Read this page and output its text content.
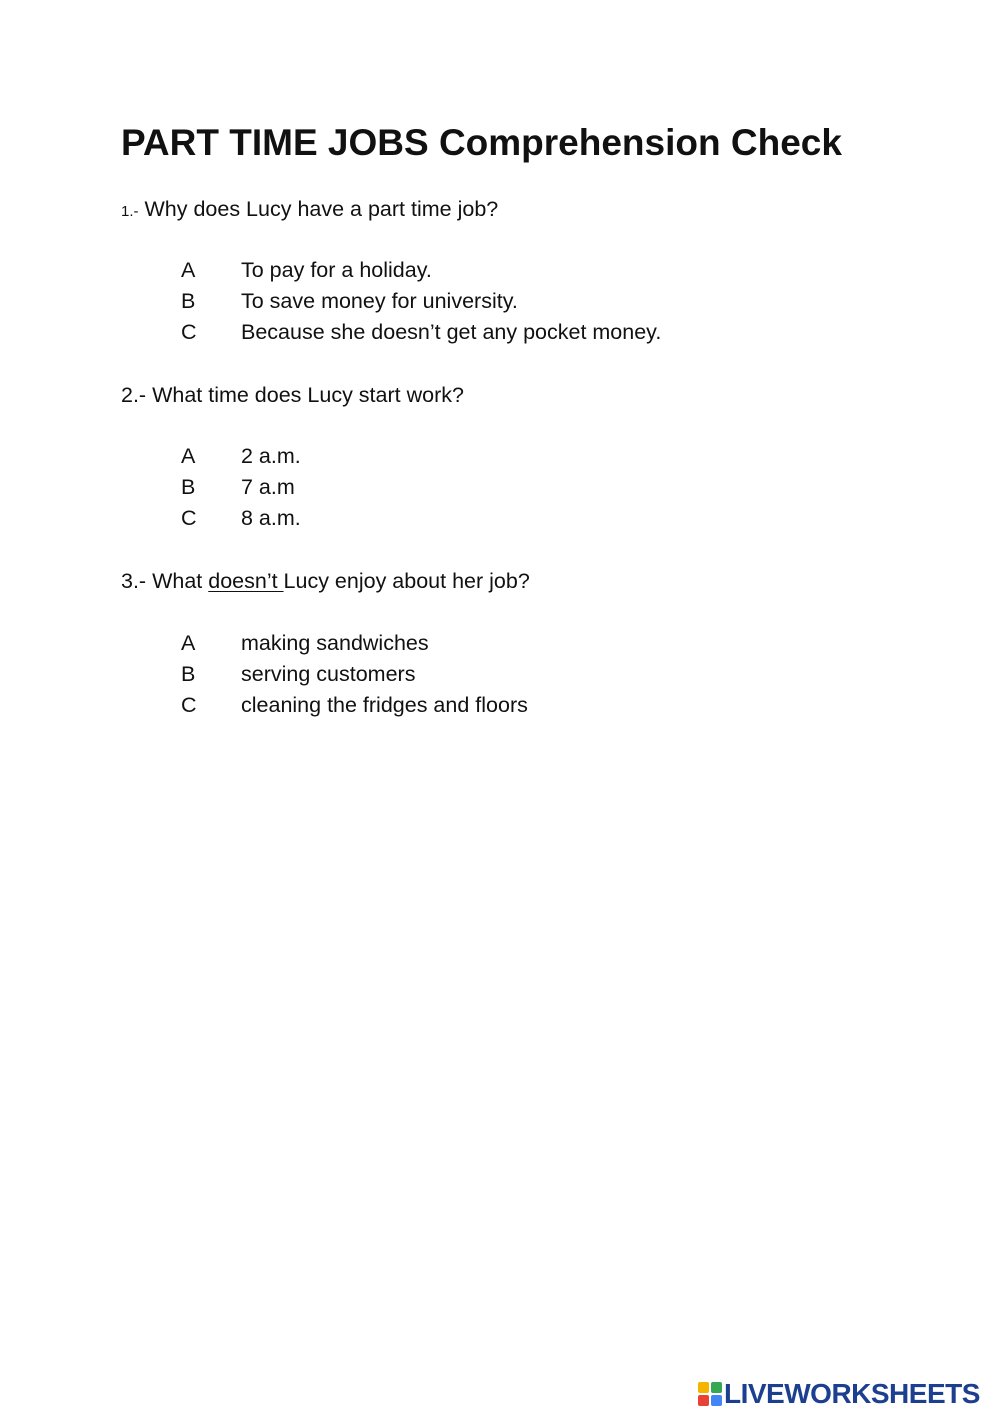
PART TIME JOBS Comprehension Check

1.- Why does Lucy have a part time job?

A To pay for a holiday.
B To save money for university.
C Because she doesn’t get any pocket money.

2.- What time does Lucy start work?

A 2 a.m.
B 7 a.m
C 8 a.m.

3.- What doesn’t Lucy enjoy about her job?

A making sandwiches
B serving customers
C cleaning the fridges and floors
LIVEWORKSHEETS
